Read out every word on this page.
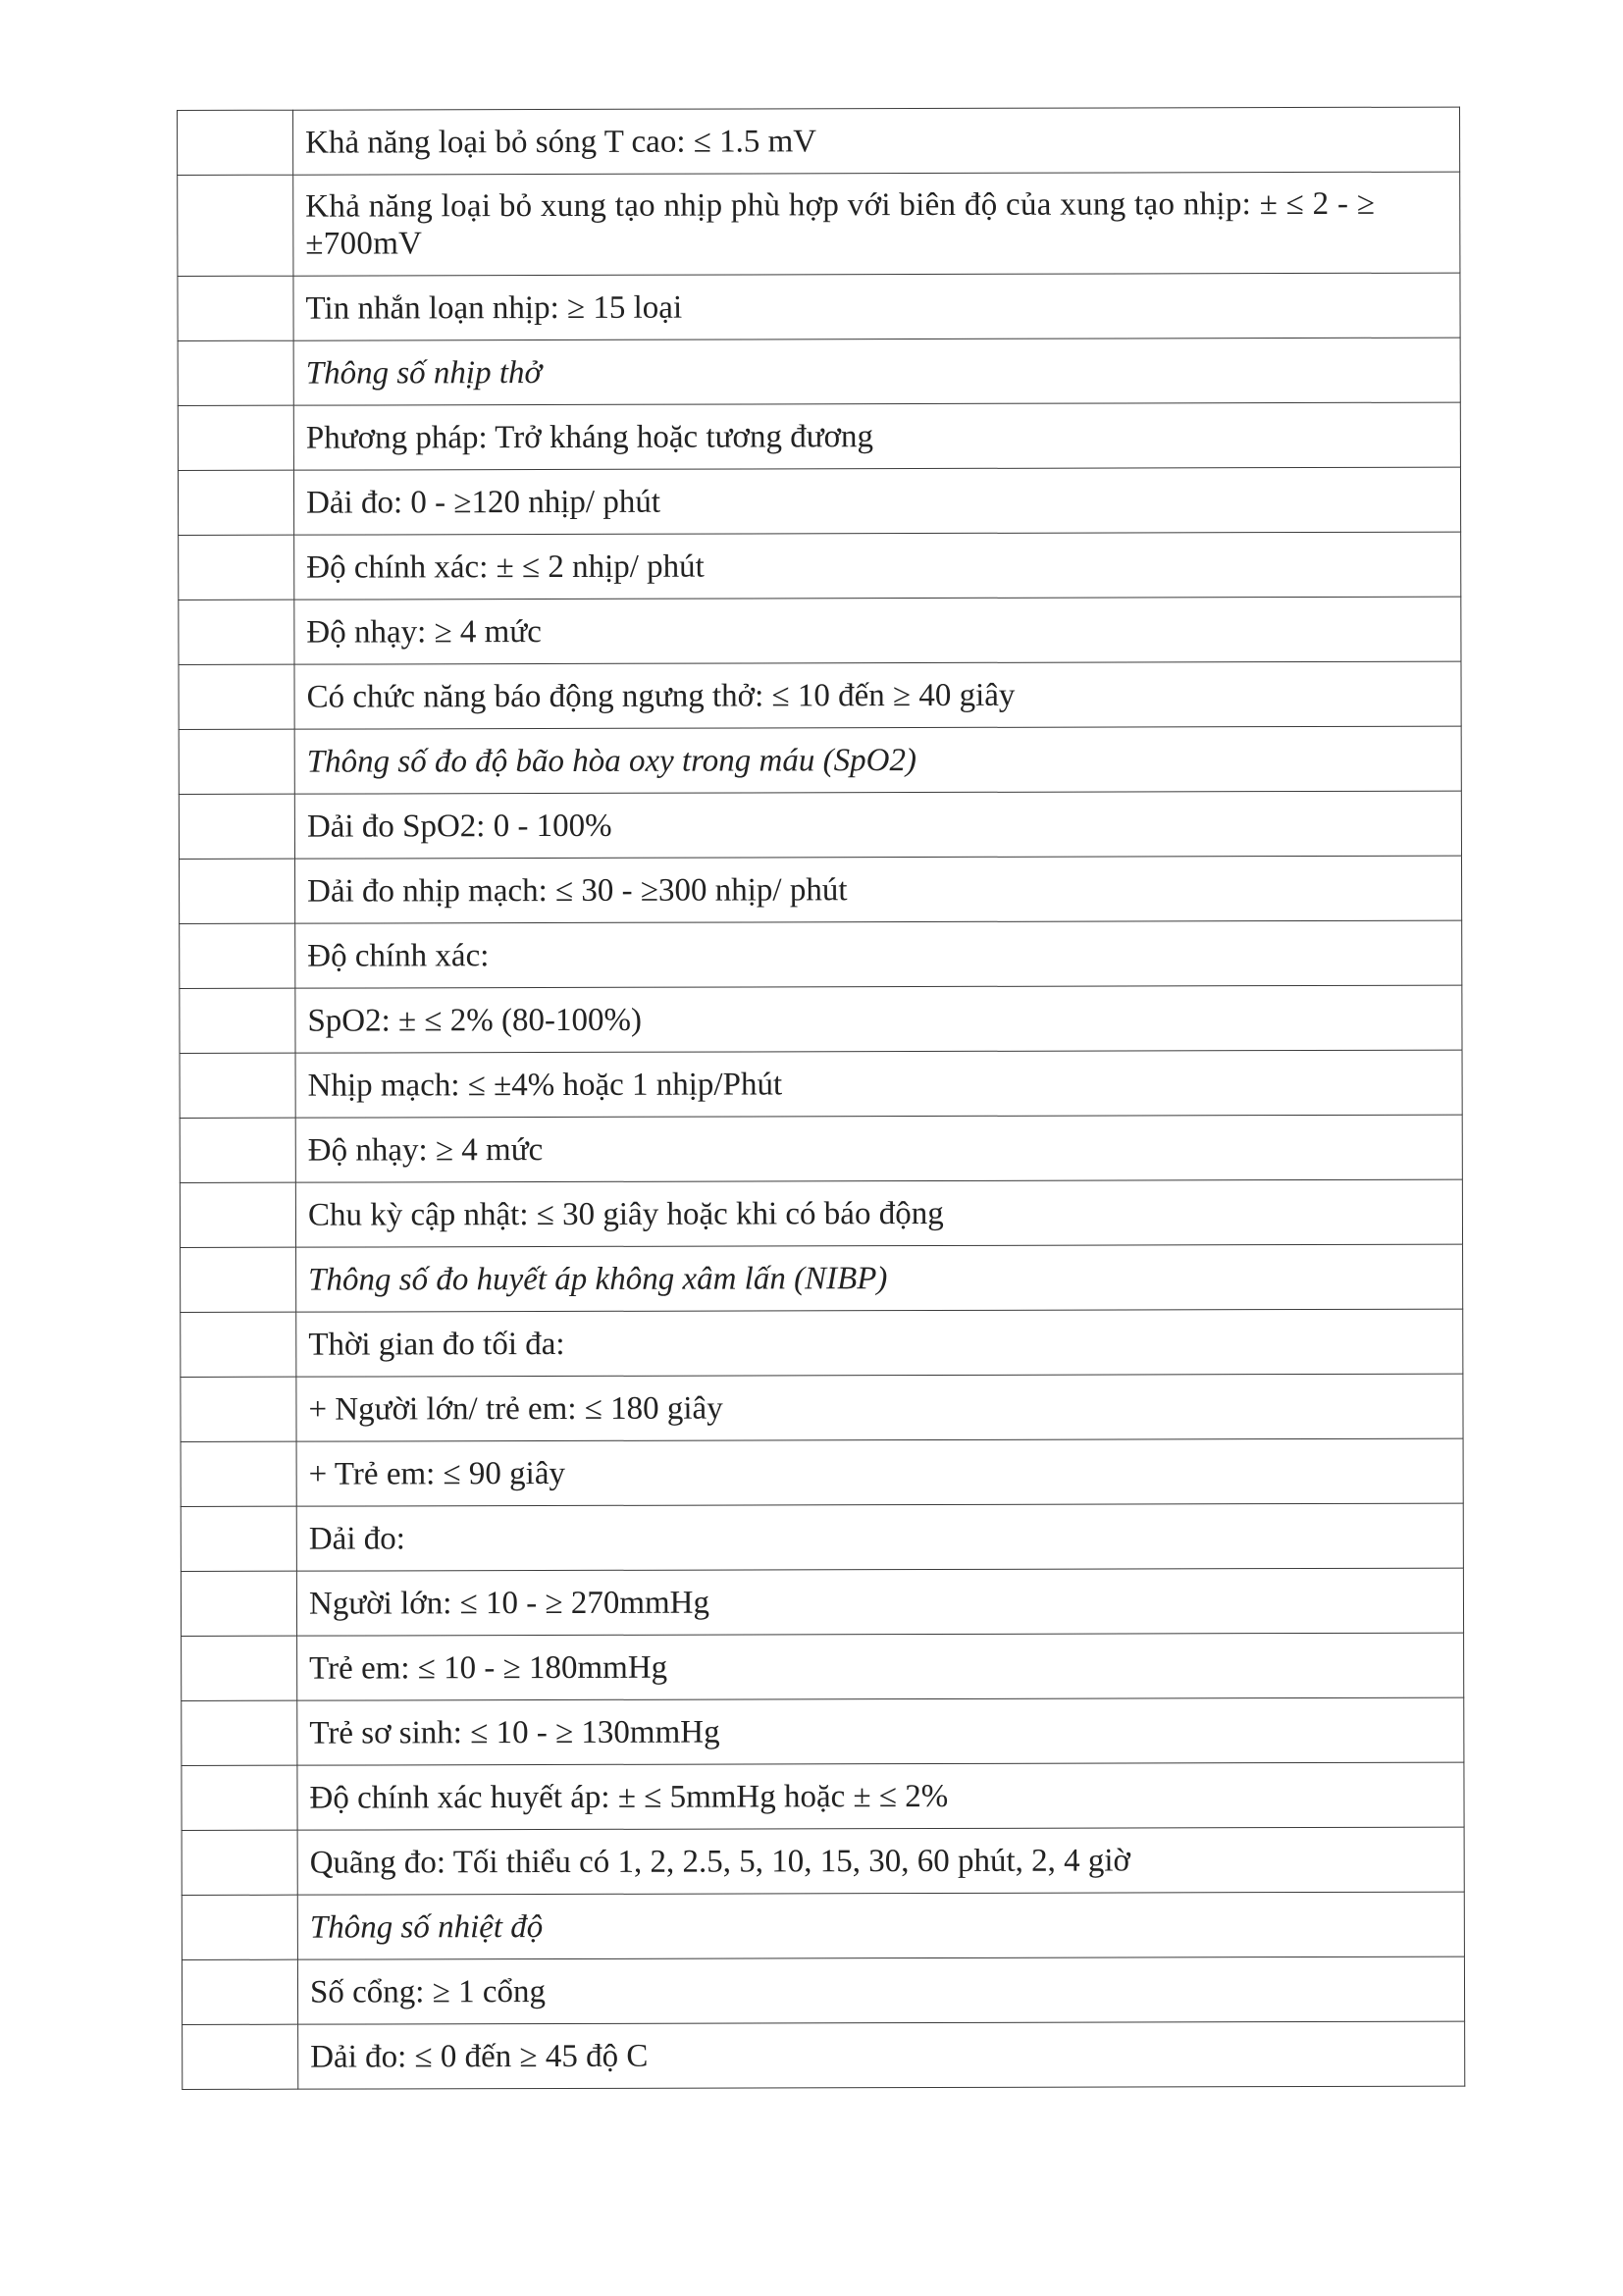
	Khả năng loại bỏ sóng T cao: ≤ 1.5 mV
	Khả năng loại bỏ xung tạo nhịp phù hợp với biên độ của xung tạo nhịp: ± ≤ 2 - ≥ ±700mV
	Tin nhắn loạn nhịp: ≥ 15 loại
	Thông số nhịp thở
	Phương pháp: Trở kháng hoặc tương đương
	Dải đo: 0 - ≥120 nhịp/ phút
	Độ chính xác: ± ≤ 2 nhịp/ phút
	Độ nhạy: ≥ 4 mức
	Có chức năng báo động ngưng thở: ≤ 10 đến ≥ 40 giây
	Thông số đo độ bão hòa oxy trong máu (SpO2)
	Dải đo SpO2: 0 - 100%
	Dải đo nhịp mạch: ≤ 30 - ≥300 nhịp/ phút
	Độ chính xác:
	SpO2: ± ≤ 2% (80-100%)
	Nhịp mạch: ≤ ±4% hoặc 1 nhịp/Phút
	Độ nhạy: ≥ 4 mức
	Chu kỳ cập nhật: ≤ 30 giây hoặc khi có báo động
	Thông số đo huyết áp không xâm lấn (NIBP)
	Thời gian đo tối đa:
	+ Người lớn/ trẻ em: ≤ 180 giây
	+ Trẻ em: ≤ 90 giây
	Dải đo:
	Người lớn: ≤ 10 - ≥ 270mmHg
	Trẻ em: ≤ 10 - ≥ 180mmHg
	Trẻ sơ sinh: ≤ 10 - ≥ 130mmHg
	Độ chính xác huyết áp: ± ≤ 5mmHg hoặc ± ≤ 2%
	Quãng đo: Tối thiểu có 1, 2, 2.5, 5, 10, 15, 30, 60 phút, 2, 4 giờ
	Thông số nhiệt độ
	Số cổng: ≥ 1 cổng
	Dải đo: ≤ 0 đến ≥ 45 độ C
